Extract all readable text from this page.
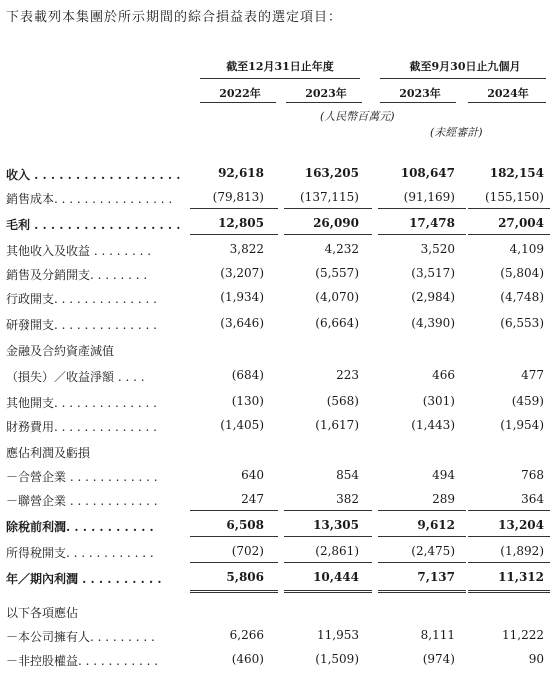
下表載列本集團於所示期間的綜合損益表的選定項目：
截至12月31日止年度	截至9月30日止九個月
2022年	2023年	2023年	2024年
(人民幣百萬元)
(未經審計)
收入 . . . . . . . . . . . . . . . . . .	92,618	163,205	108,647	182,154
銷售成本. . . . . . . . . . . . . . . .	(79,813)	(137,115)	(91,169)	(155,150)
毛利 . . . . . . . . . . . . . . . . . .	12,805	26,090	17,478	27,004
其他收入及收益 . . . . . . . .	3,822	4,232	3,520	4,109
銷售及分銷開支. . . . . . . .	(3,207)	(5,557)	(3,517)	(5,804)
行政開支. . . . . . . . . . . . . .	(1,934)	(4,070)	(2,984)	(4,748)
研發開支. . . . . . . . . . . . . .	(3,646)	(6,664)	(4,390)	(6,553)
金融及合約資產減值
（損失）／收益淨額 . . . .	(684)	223	466	477
其他開支. . . . . . . . . . . . . .	(130)	(568)	(301)	(459)
財務費用. . . . . . . . . . . . . .	(1,405)	(1,617)	(1,443)	(1,954)
應佔利潤及虧損
－合營企業 . . . . . . . . . . . .	640	854	494	768
－聯營企業 . . . . . . . . . . . .	247	382	289	364
除稅前利潤. . . . . . . . . . .	6,508	13,305	9,612	13,204
所得稅開支. . . . . . . . . . . .	(702)	(2,861)	(2,475)	(1,892)
年／期內利潤 . . . . . . . . . .	5,806	10,444	7,137	11,312
以下各項應佔
－本公司擁有人. . . . . . . . .	6,266	11,953	8,111	11,222
－非控股權益. . . . . . . . . . .	(460)	(1,509)	(974)	90
